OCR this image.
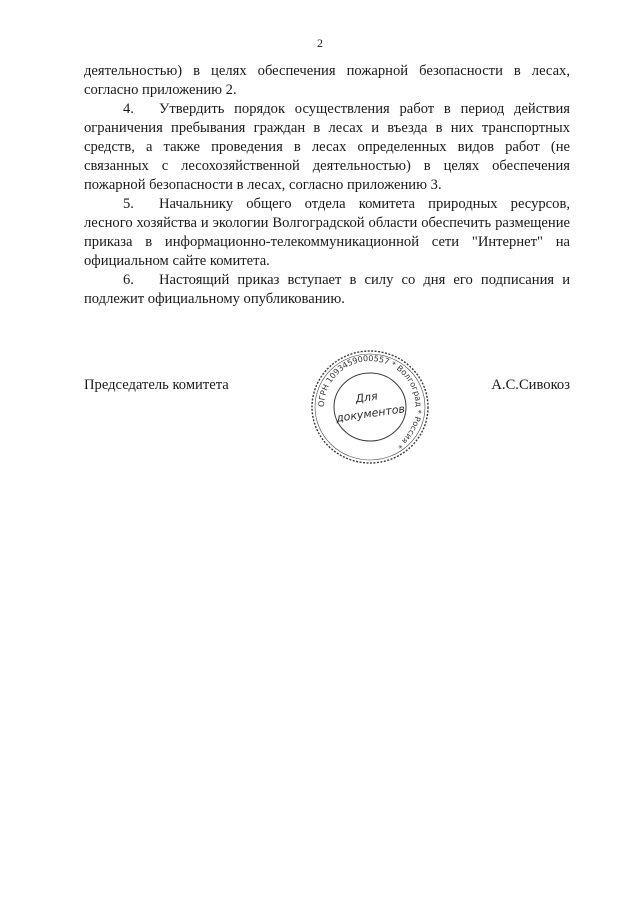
2

деятельностью) в целях обеспечения пожарной безопасности в лесах, согласно приложению 2.

4. Утвердить порядок осуществления работ в период действия ограничения пребывания граждан в лесах и въезда в них транспортных средств, а также проведения в лесах определенных видов работ (не связанных с лесохозяйственной деятельностью) в целях обеспечения пожарной безопасности в лесах, согласно приложению 3.

5. Начальнику общего отдела комитета природных ресурсов, лесного хозяйства и экологии Волгоградской области обеспечить размещение приказа в информационно-телекоммуникационной сети "Интернет" на официальном сайте комитета.

6. Настоящий приказ вступает в силу со дня его подписания и подлежит официальному опубликованию.

Председатель комитета	А.С.Сивокоз
ОГРН 1093459000557 * Волгоград * Россия *
Для
документов
